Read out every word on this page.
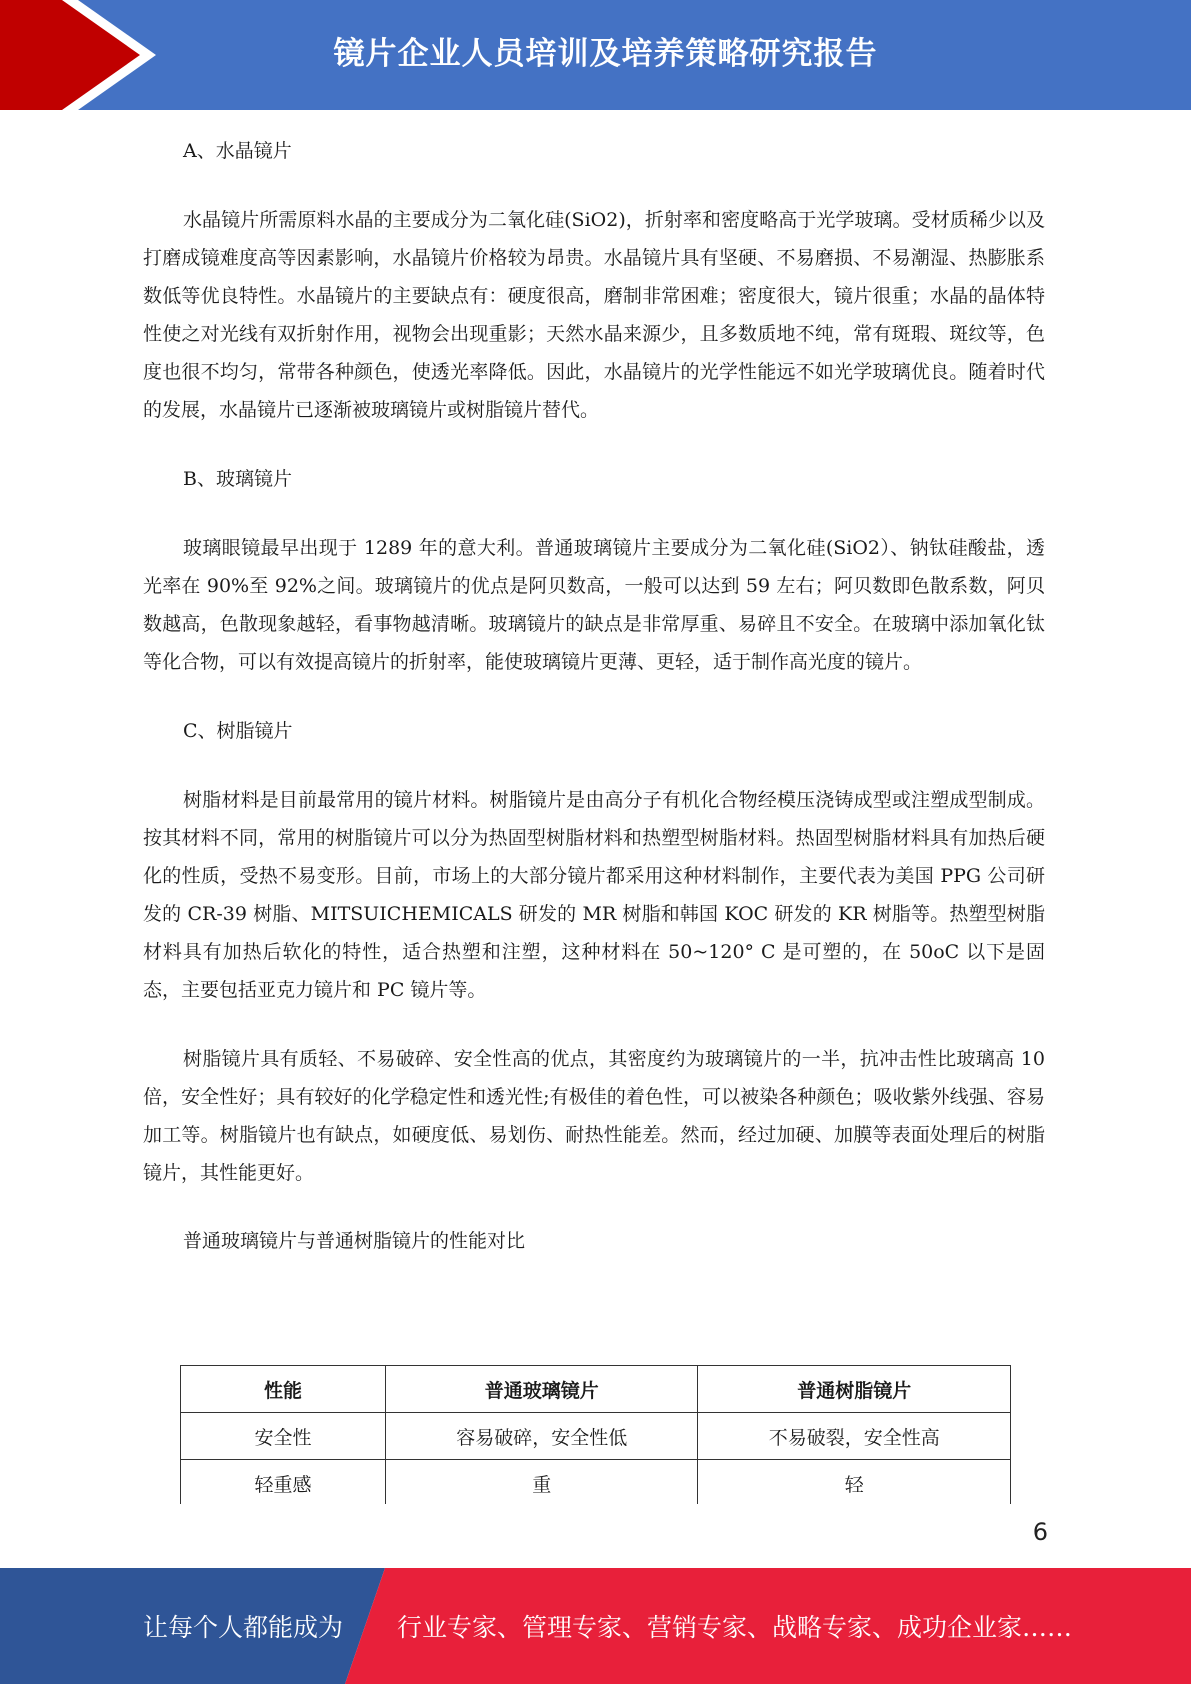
镜片企业人员培训及培养策略研究报告

A、水晶镜片

水晶镜片所需原料水晶的主要成分为二氧化硅(SiO2)，折射率和密度略高于光学玻璃。受材质稀少以及打磨成镜难度高等因素影响，水晶镜片价格较为昂贵。水晶镜片具有坚硬、不易磨损、不易潮湿、热膨胀系数低等优良特性。水晶镜片的主要缺点有：硬度很高，磨制非常困难；密度很大，镜片很重；水晶的晶体特性使之对光线有双折射作用，视物会出现重影；天然水晶来源少，且多数质地不纯，常有斑瑕、斑纹等，色度也很不均匀，常带各种颜色，使透光率降低。因此，水晶镜片的光学性能远不如光学玻璃优良。随着时代的发展，水晶镜片已逐渐被玻璃镜片或树脂镜片替代。

B、玻璃镜片

玻璃眼镜最早出现于 1289 年的意大利。普通玻璃镜片主要成分为二氧化硅(SiO2）、钠钛硅酸盐，透光率在 90%至 92%之间。玻璃镜片的优点是阿贝数高，一般可以达到 59 左右；阿贝数即色散系数，阿贝数越高，色散现象越轻，看事物越清晰。玻璃镜片的缺点是非常厚重、易碎且不安全。在玻璃中添加氧化钛等化合物，可以有效提高镜片的折射率，能使玻璃镜片更薄、更轻，适于制作高光度的镜片。

C、树脂镜片

树脂材料是目前最常用的镜片材料。树脂镜片是由高分子有机化合物经模压浇铸成型或注塑成型制成。按其材料不同，常用的树脂镜片可以分为热固型树脂材料和热塑型树脂材料。热固型树脂材料具有加热后硬化的性质，受热不易变形。目前，市场上的大部分镜片都采用这种材料制作，主要代表为美国 PPG 公司研发的 CR-39 树脂、MITSUICHEMICALS 研发的 MR 树脂和韩国 KOC 研发的 KR 树脂等。热塑型树脂材料具有加热后软化的特性，适合热塑和注塑，这种材料在 50~120° C 是可塑的，在 50oC 以下是固态，主要包括亚克力镜片和 PC 镜片等。

树脂镜片具有质轻、不易破碎、安全性高的优点，其密度约为玻璃镜片的一半，抗冲击性比玻璃高 10 倍，安全性好；具有较好的化学稳定性和透光性;有极佳的着色性，可以被染各种颜色；吸收紫外线强、容易加工等。树脂镜片也有缺点，如硬度低、易划伤、耐热性能差。然而，经过加硬、加膜等表面处理后的树脂镜片，其性能更好。

普通玻璃镜片与普通树脂镜片的性能对比

性能	普通玻璃镜片	普通树脂镜片
安全性	容易破碎，安全性低	不易破裂，安全性高
轻重感	重	轻
6
让每个人都能成为 行业专家、管理专家、营销专家、战略专家、成功企业家……
